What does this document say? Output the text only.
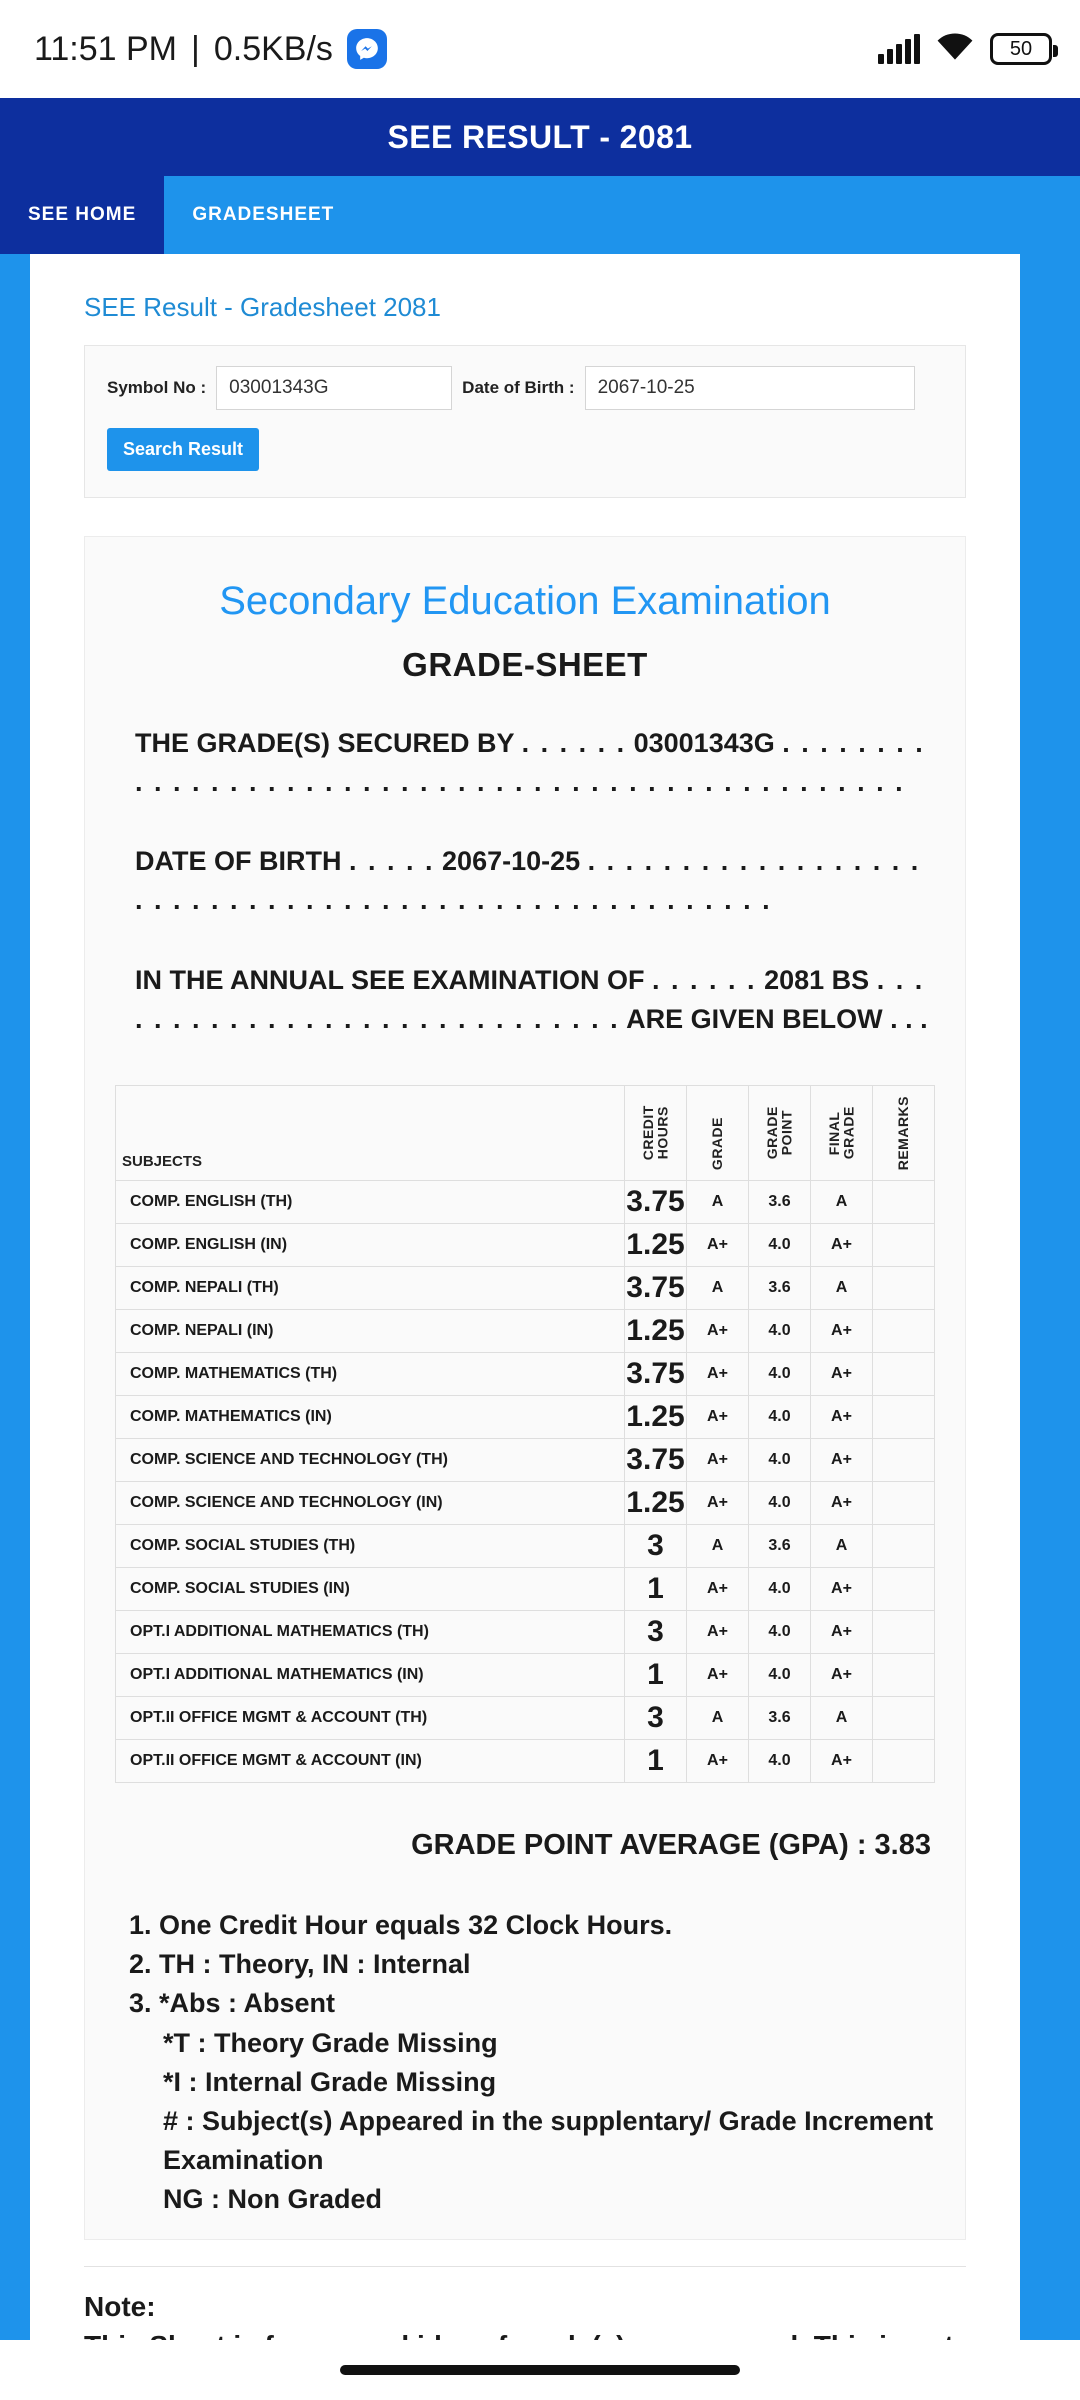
11:51 PM | 0.5KB/s	50
SEE RESULT - 2081
SEE HOME	GRADESHEET
SEE Result - Gradesheet 2081
Symbol No :
03001343G	Date of Birth :
2067-10-25
Search Result
Secondary Education Examination
GRADE-SHEET
THE GRADE(S) SECURED BY . . . . . . 03001343G . . . . . . . . . . . . . . . . . . . . . . . . . . . . . . . . . . . . . . . . . . . . . . . . .
DATE OF BIRTH . . . . . 2067-10-25 . . . . . . . . . . . . . . . . . . . . . . . . . . . . . . . . . . . . . . . . . . . . . . . . . . . .
IN THE ANNUAL SEE EXAMINATION OF . . . . . . 2081 BS . . . . . . . . . . . . . . . . . . . . . . . . . . . . . ARE GIVEN BELOW . . .
SUBJECTS	CREDIT HOURS	GRADE	GRADE POINT	FINAL GRADE	REMARKS

COMP. ENGLISH (TH)	3.75	A	3.6	A	
COMP. ENGLISH (IN)	1.25	A+	4.0	A+	
COMP. NEPALI (TH)	3.75	A	3.6	A	
COMP. NEPALI (IN)	1.25	A+	4.0	A+	
COMP. MATHEMATICS (TH)	3.75	A+	4.0	A+	
COMP. MATHEMATICS (IN)	1.25	A+	4.0	A+	
COMP. SCIENCE AND TECHNOLOGY (TH)	3.75	A+	4.0	A+	
COMP. SCIENCE AND TECHNOLOGY (IN)	1.25	A+	4.0	A+	
COMP. SOCIAL STUDIES (TH)	3	A	3.6	A	
COMP. SOCIAL STUDIES (IN)	1	A+	4.0	A+	
OPT.I ADDITIONAL MATHEMATICS (TH)	3	A+	4.0	A+	
OPT.I ADDITIONAL MATHEMATICS (IN)	1	A+	4.0	A+	
OPT.II OFFICE MGMT & ACCOUNT (TH)	3	A	3.6	A	
OPT.II OFFICE MGMT & ACCOUNT (IN)	1	A+	4.0	A+	
GRADE POINT AVERAGE (GPA) : 3.83
1. One Credit Hour equals 32 Clock Hours.
2. TH : Theory, IN : Internal
3. *Abs : Absent
*T : Theory Grade Missing
*I : Internal Grade Missing
# : Subject(s) Appeared in the supplentary/ Grade Increment Examination
NG : Non Graded
Note:
